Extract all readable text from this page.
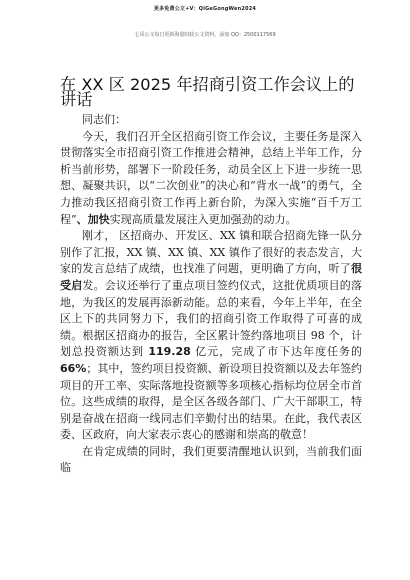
更多免费公文+V：QiGeGongWen2024
七哥公文每日更新海量时政公文资料，添加 QQ：2500117569
在 XX 区 2025 年招商引资工作会议上的讲话

同志们：

今天，我们召开全区招商引资工作会议，主要任务是深入贯彻落实全市招商引资工作推进会精神，总结上半年工作，分析当前形势，部署下一阶段任务，动员全区上下进一步统一思想、凝聚共识，以“二次创业”的决心和“背水一战”的勇气，全力推动我区招商引资工作再上新台阶，为深入实施“百千万工程”、加快实现高质量发展注入更加强劲的动力。

刚才， 区招商办、开发区、XX 镇和联合招商先锋一队分别作了汇报，XX 镇、XX 镇、XX 镇作了很好的表态发言，大家的发言总结了成绩，也找准了问题，更明确了方向，听了很受启发。会议还举行了重点项目签约仪式，这批优质项目的落地，为我区的发展再添新动能。总的来看，今年上半年，在全区上下的共同努力下，我们的招商引资工作取得了可喜的成绩。根据区招商办的报告，全区累计签约落地项目 98 个，计划总投资额达到 119.28 亿元，完成了市下达年度任务的 66%；其中，签约项目投资额、新设项目投资额以及去年签约项目的开工率、实际落地投资额等多项核心指标均位居全市首位。这些成绩的取得，是全区各级各部门、广大干部职工，特别是奋战在招商一线同志们辛勤付出的结果。在此，我代表区委、区政府，向大家表示衷心的感谢和崇高的敬意！

在肯定成绩的同时，我们更要清醒地认识到，当前我们面临
